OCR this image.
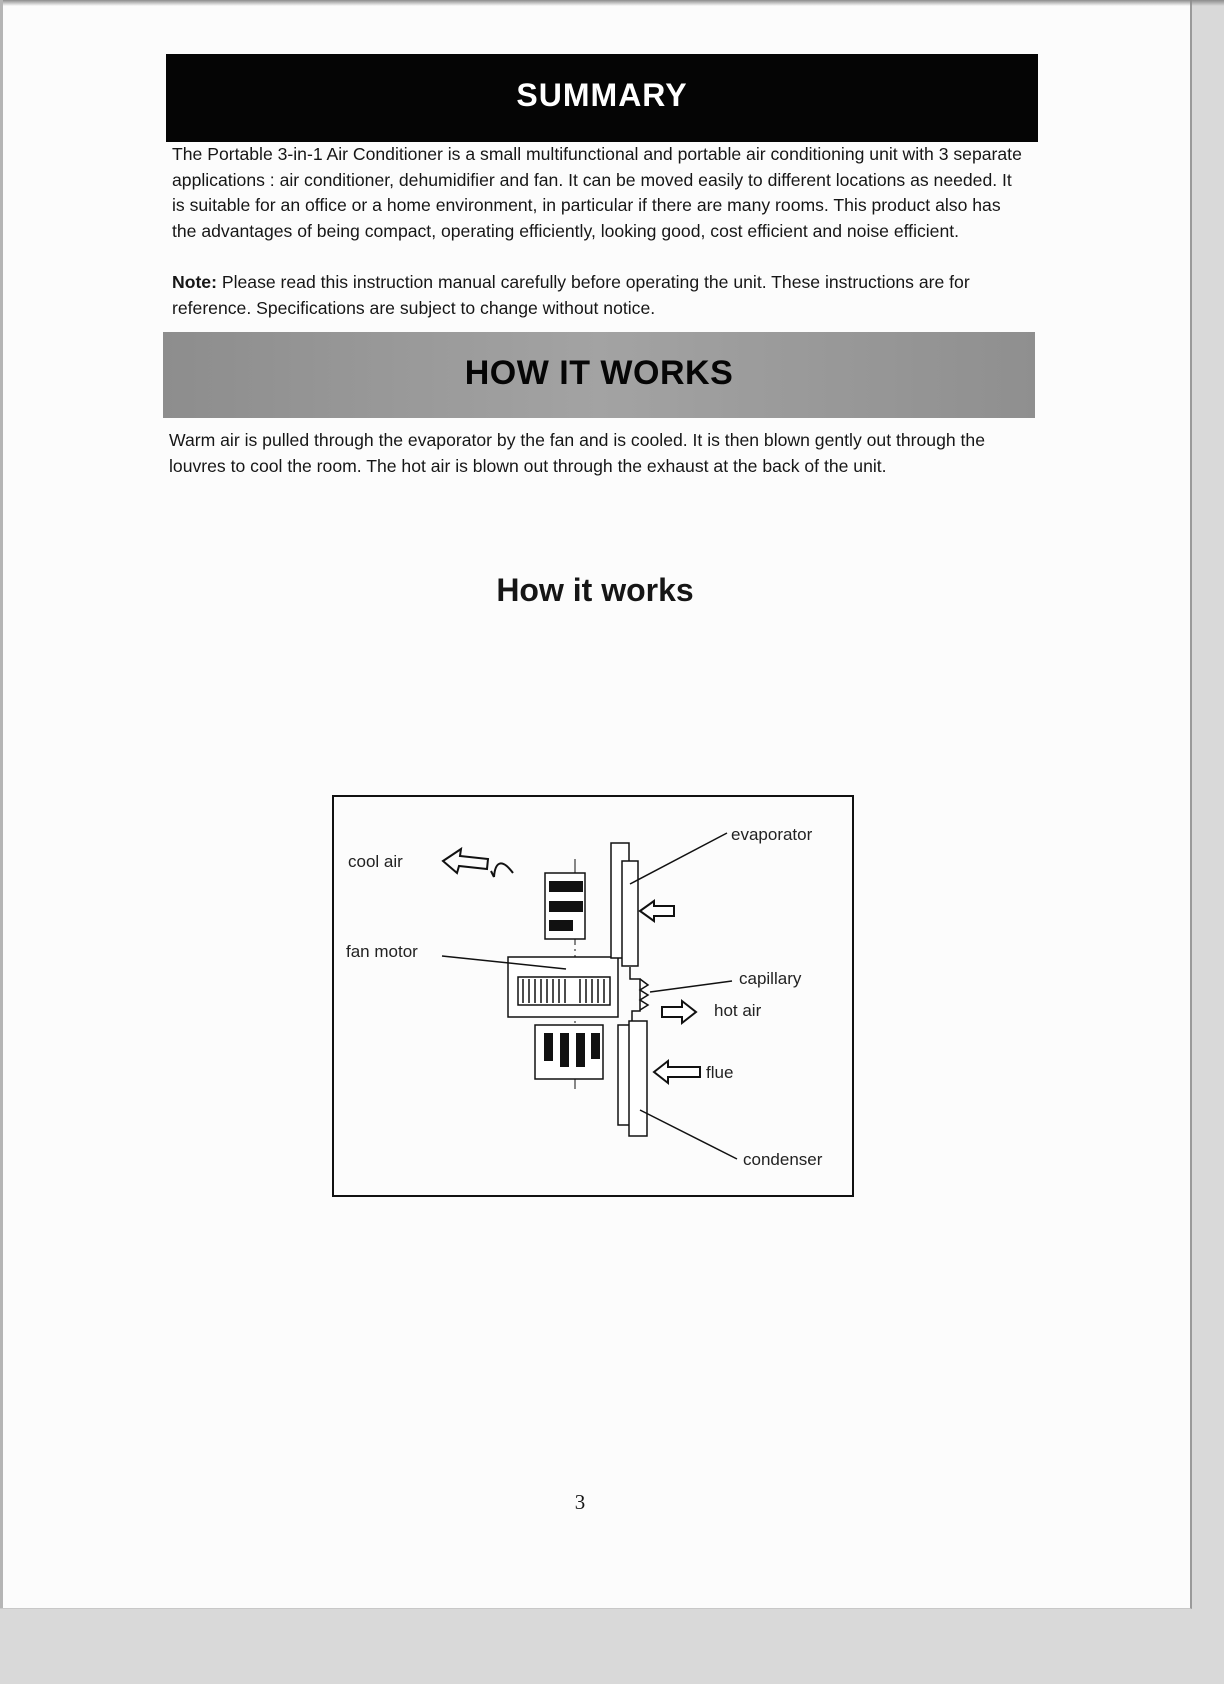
SUMMARY

The Portable 3-in-1 Air Conditioner is a small multifunctional and portable air conditioning unit with 3 separate applications : air conditioner, dehumidifier and fan. It can be moved easily to different locations as needed. It is suitable for an office or a home environment, in particular if there are many rooms. This product also has the advantages of being compact, operating efficiently, looking good, cost efficient and noise efficient.

Note: Please read this instruction manual carefully before operating the unit. These instructions are for reference. Specifications are subject to change without notice.

HOW IT WORKS

Warm air is pulled through the evaporator by the fan and is cooled. It is then blown gently out through the louvres to cool the room. The hot air is blown out through the exhaust at the back of the unit.

How it works
cool air
fan motor
evaporator
capillary
hot air
flue
condenser
3
